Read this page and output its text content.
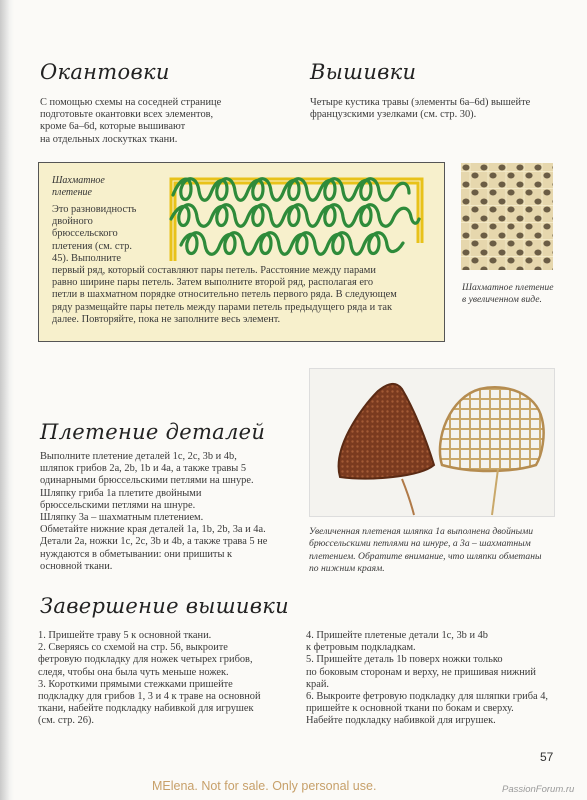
Окантовки
С помощью схемы на соседней странице
подготовьте окантовки всех элементов,
кроме 6a–6d, которые вышивают
на отдельных лоскутках ткани.
Вышивки
Четыре кустика травы (элементы 6a–6d) вышейте
французскими узелками (см. стр. 30).
Шахматное
плетение
Это разновидность
двойного
брюссельского
плетения (см. стр.
45). Выполните
первый ряд, который составляют пары петель. Расстояние между парами
равно ширине пары петель. Затем выполните второй ряд, располагая его
петли в шахматном порядке относительно петель первого ряда. В следующем
ряду размещайте пары петель между парами петель предыдущего ряда и так
далее. Повторяйте, пока не заполните весь элемент.
Шахматное плетение
в увеличенном виде.
Увеличенная плетеная шляпка 1a выполнена двойными
брюссельскими петлями на шнуре, а 3a – шахматным
плетением. Обратите внимание, что шляпки обметаны
по нижним краям.
Плетение деталей
Выполните плетение деталей 1c, 2c, 3b и 4b,
шляпок грибов 2a, 2b, 1b и 4a, а также травы 5
одинарными брюссельскими петлями на шнуре.
Шляпку гриба 1a плетите двойными
брюссельскими петлями на шнуре.
Шляпку 3a – шахматным плетением.
Обметайте нижние края деталей 1a, 1b, 2b, 3a и 4a.
Детали 2a, ножки 1c, 2c, 3b и 4b, а также трава 5 не
нуждаются в обметывании: они пришиты к
основной ткани.
Завершение вышивки
1. Пришейте траву 5 к основной ткани.
2. Сверяясь со схемой на стр. 56, выкроите
фетровую подкладку для ножек четырех грибов,
следя, чтобы она была чуть меньше ножек.
3. Короткими прямыми стежками пришейте
подкладку для грибов 1, 3 и 4 к траве на основной
ткани, набейте подкладку набивкой для игрушек
(см. стр. 26).
4. Пришейте плетеные детали 1c, 3b и 4b
к фетровым подкладкам.
5. Пришейте деталь 1b поверх ножки только
по боковым сторонам и верху, не пришивая нижний
край.
6. Выкроите фетровую подкладку для шляпки гриба 4,
пришейте к основной ткани по бокам и сверху.
Набейте подкладку набивкой для игрушек.
57
MElena. Not for sale. Only personal use.	PassionForum.ru
